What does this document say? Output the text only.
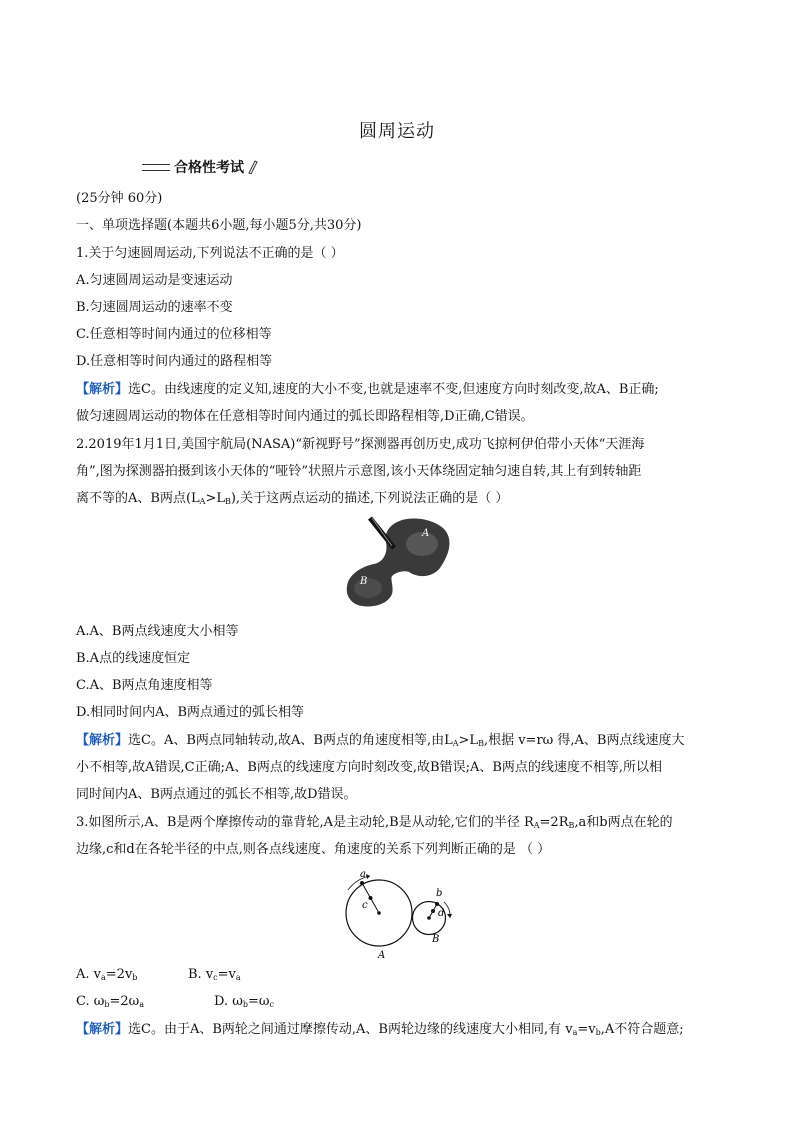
圆周运动
合格性考试
(25分钟 60分)
一、单项选择题(本题共6小题,每小题5分,共30分)
1.关于匀速圆周运动,下列说法不正确的是（ ）
A.匀速圆周运动是变速运动
B.匀速圆周运动的速率不变
C.任意相等时间内通过的位移相等
D.任意相等时间内通过的路程相等
【解析】选C。由线速度的定义知,速度的大小不变,也就是速率不变,但速度方向时刻改变,故A、B正确;
做匀速圆周运动的物体在任意相等时间内通过的弧长即路程相等,D正确,C错误。
2.2019年1月1日,美国宇航局(NASA)“新视野号”探测器再创历史,成功飞掠柯伊伯带小天体“天涯海
角”,图为探测器拍摄到该小天体的“哑铃”状照片示意图,该小天体绕固定轴匀速自转,其上有到转轴距
离不等的A、B两点$(L_A>L_B)$,关于这两点运动的描述,下列说法正确的是（ ）
A
B
A.A、B两点线速度大小相等
B.A点的线速度恒定
C.A、B两点角速度相等
D.相同时间内A、B两点通过的弧长相等
【解析】选C。A、B两点同轴转动,故A、B两点的角速度相等,由$L_A>L_B$,根据 v=rω 得,A、B两点线速度大
小不相等,故A错误,C正确;A、B两点的线速度方向时刻改变,故B错误;A、B两点的线速度不相等,所以相
同时间内A、B两点通过的弧长不相等,故D错误。
3.如图所示,A、B是两个摩擦传动的靠背轮,A是主动轮,B是从动轮,它们的半径 $R_A=2R_B,a$和b两点在轮的
边缘,c和d在各轮半径的中点,则各点线速度、角速度的关系下列判断正确的是 （ ）
a
c
A
b
d
B
A. $v_a=2v_b$	B. $v_c=v_a$
C. $\omega_b=2\omega_a$	D. $\omega_b=\omega_c$
【解析】选C。由于A、B两轮之间通过摩擦传动,A、B两轮边缘的线速度大小相同,有 $v_a=v_b,A$不符合题意;
